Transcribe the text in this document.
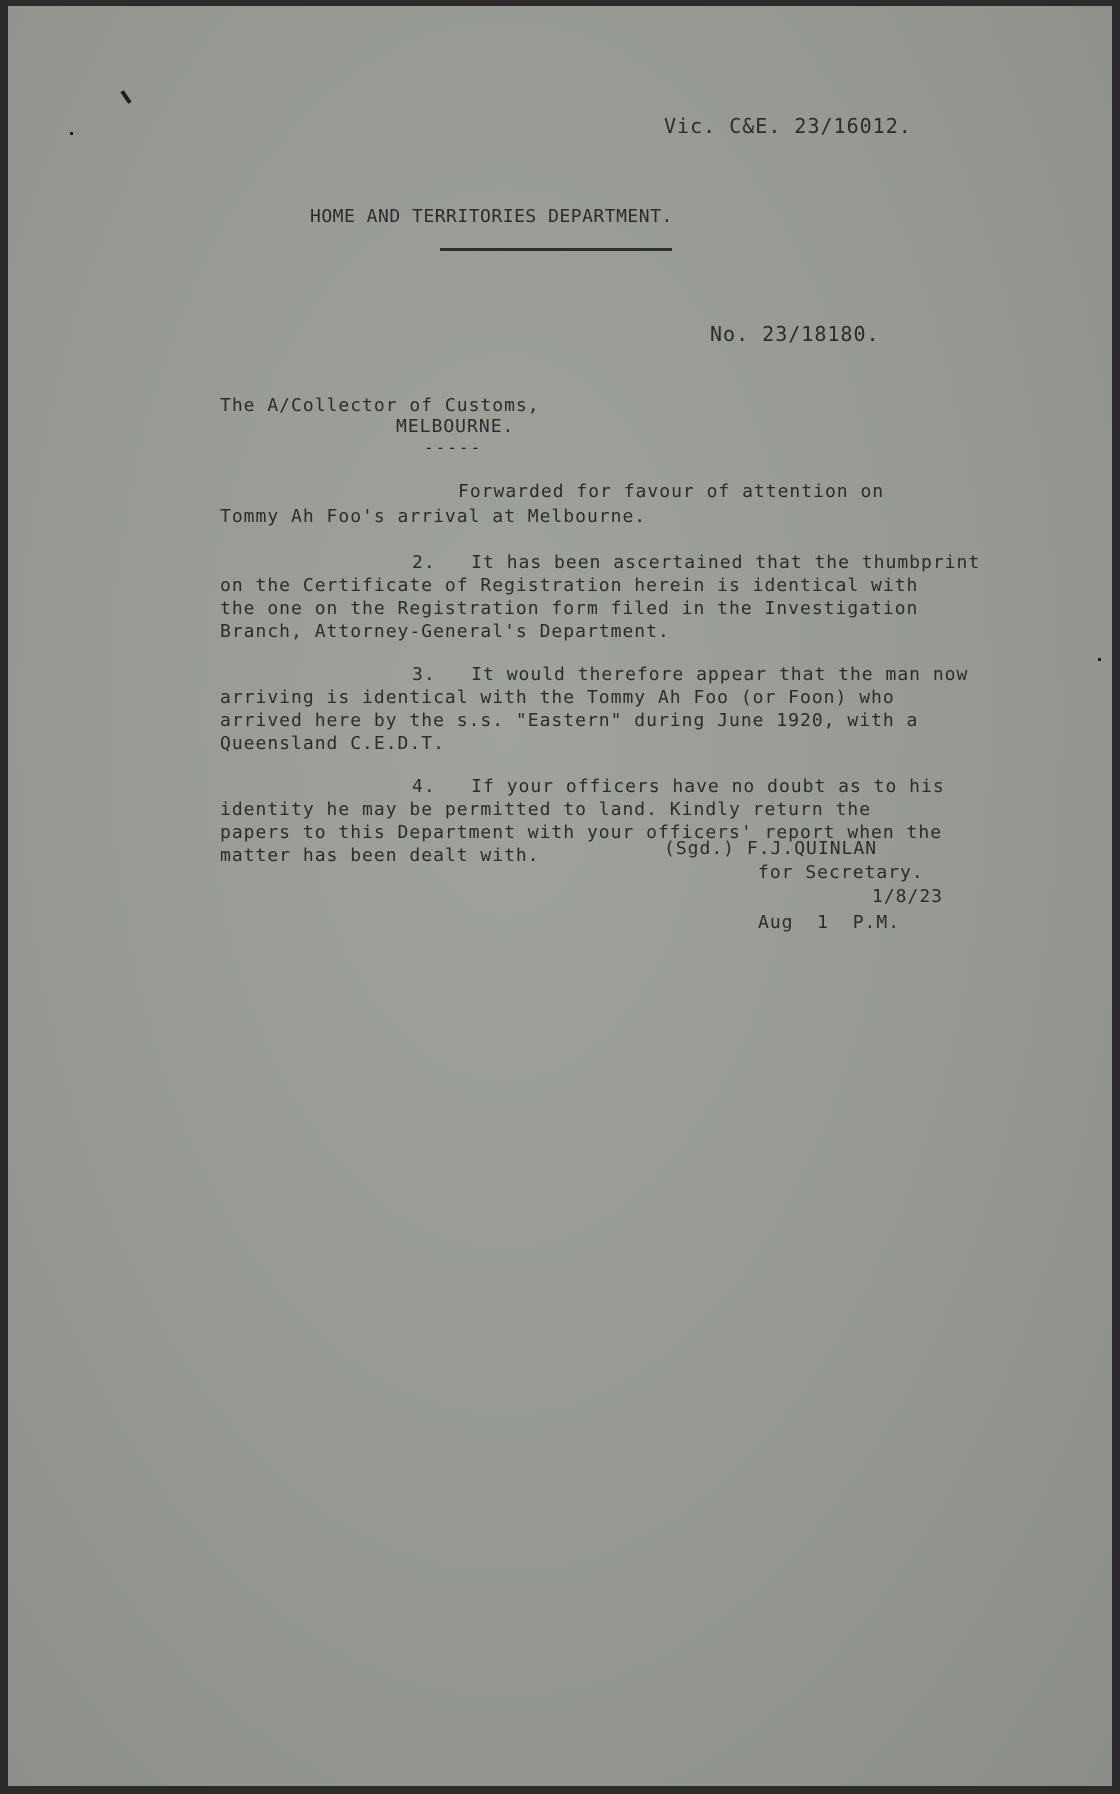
Vic. C&E. 23/16012.

HOME AND TERRITORIES DEPARTMENT.

No. 23/18180.

The A/Collector of Customs,

MELBOURNE.

-----

Forwarded for favour of attention on

Tommy Ah Foo's arrival at Melbourne.

2.   It has been ascertained that the thumbprint

on the Certificate of Registration herein is identical with

the one on the Registration form filed in the Investigation

Branch, Attorney-General's Department.

3.   It would therefore appear that the man now

arriving is identical with the Tommy Ah Foo (or Foon) who

arrived here by the s.s. "Eastern" during June 1920, with a

Queensland C.E.D.T.

4.   If your officers have no doubt as to his

identity he may be permitted to land. Kindly return the

papers to this Department with your officers' report when the

matter has been dealt with.	(Sgd.) F.J.QUINLAN

for Secretary.

1/8/23

Aug  1  P.M.
